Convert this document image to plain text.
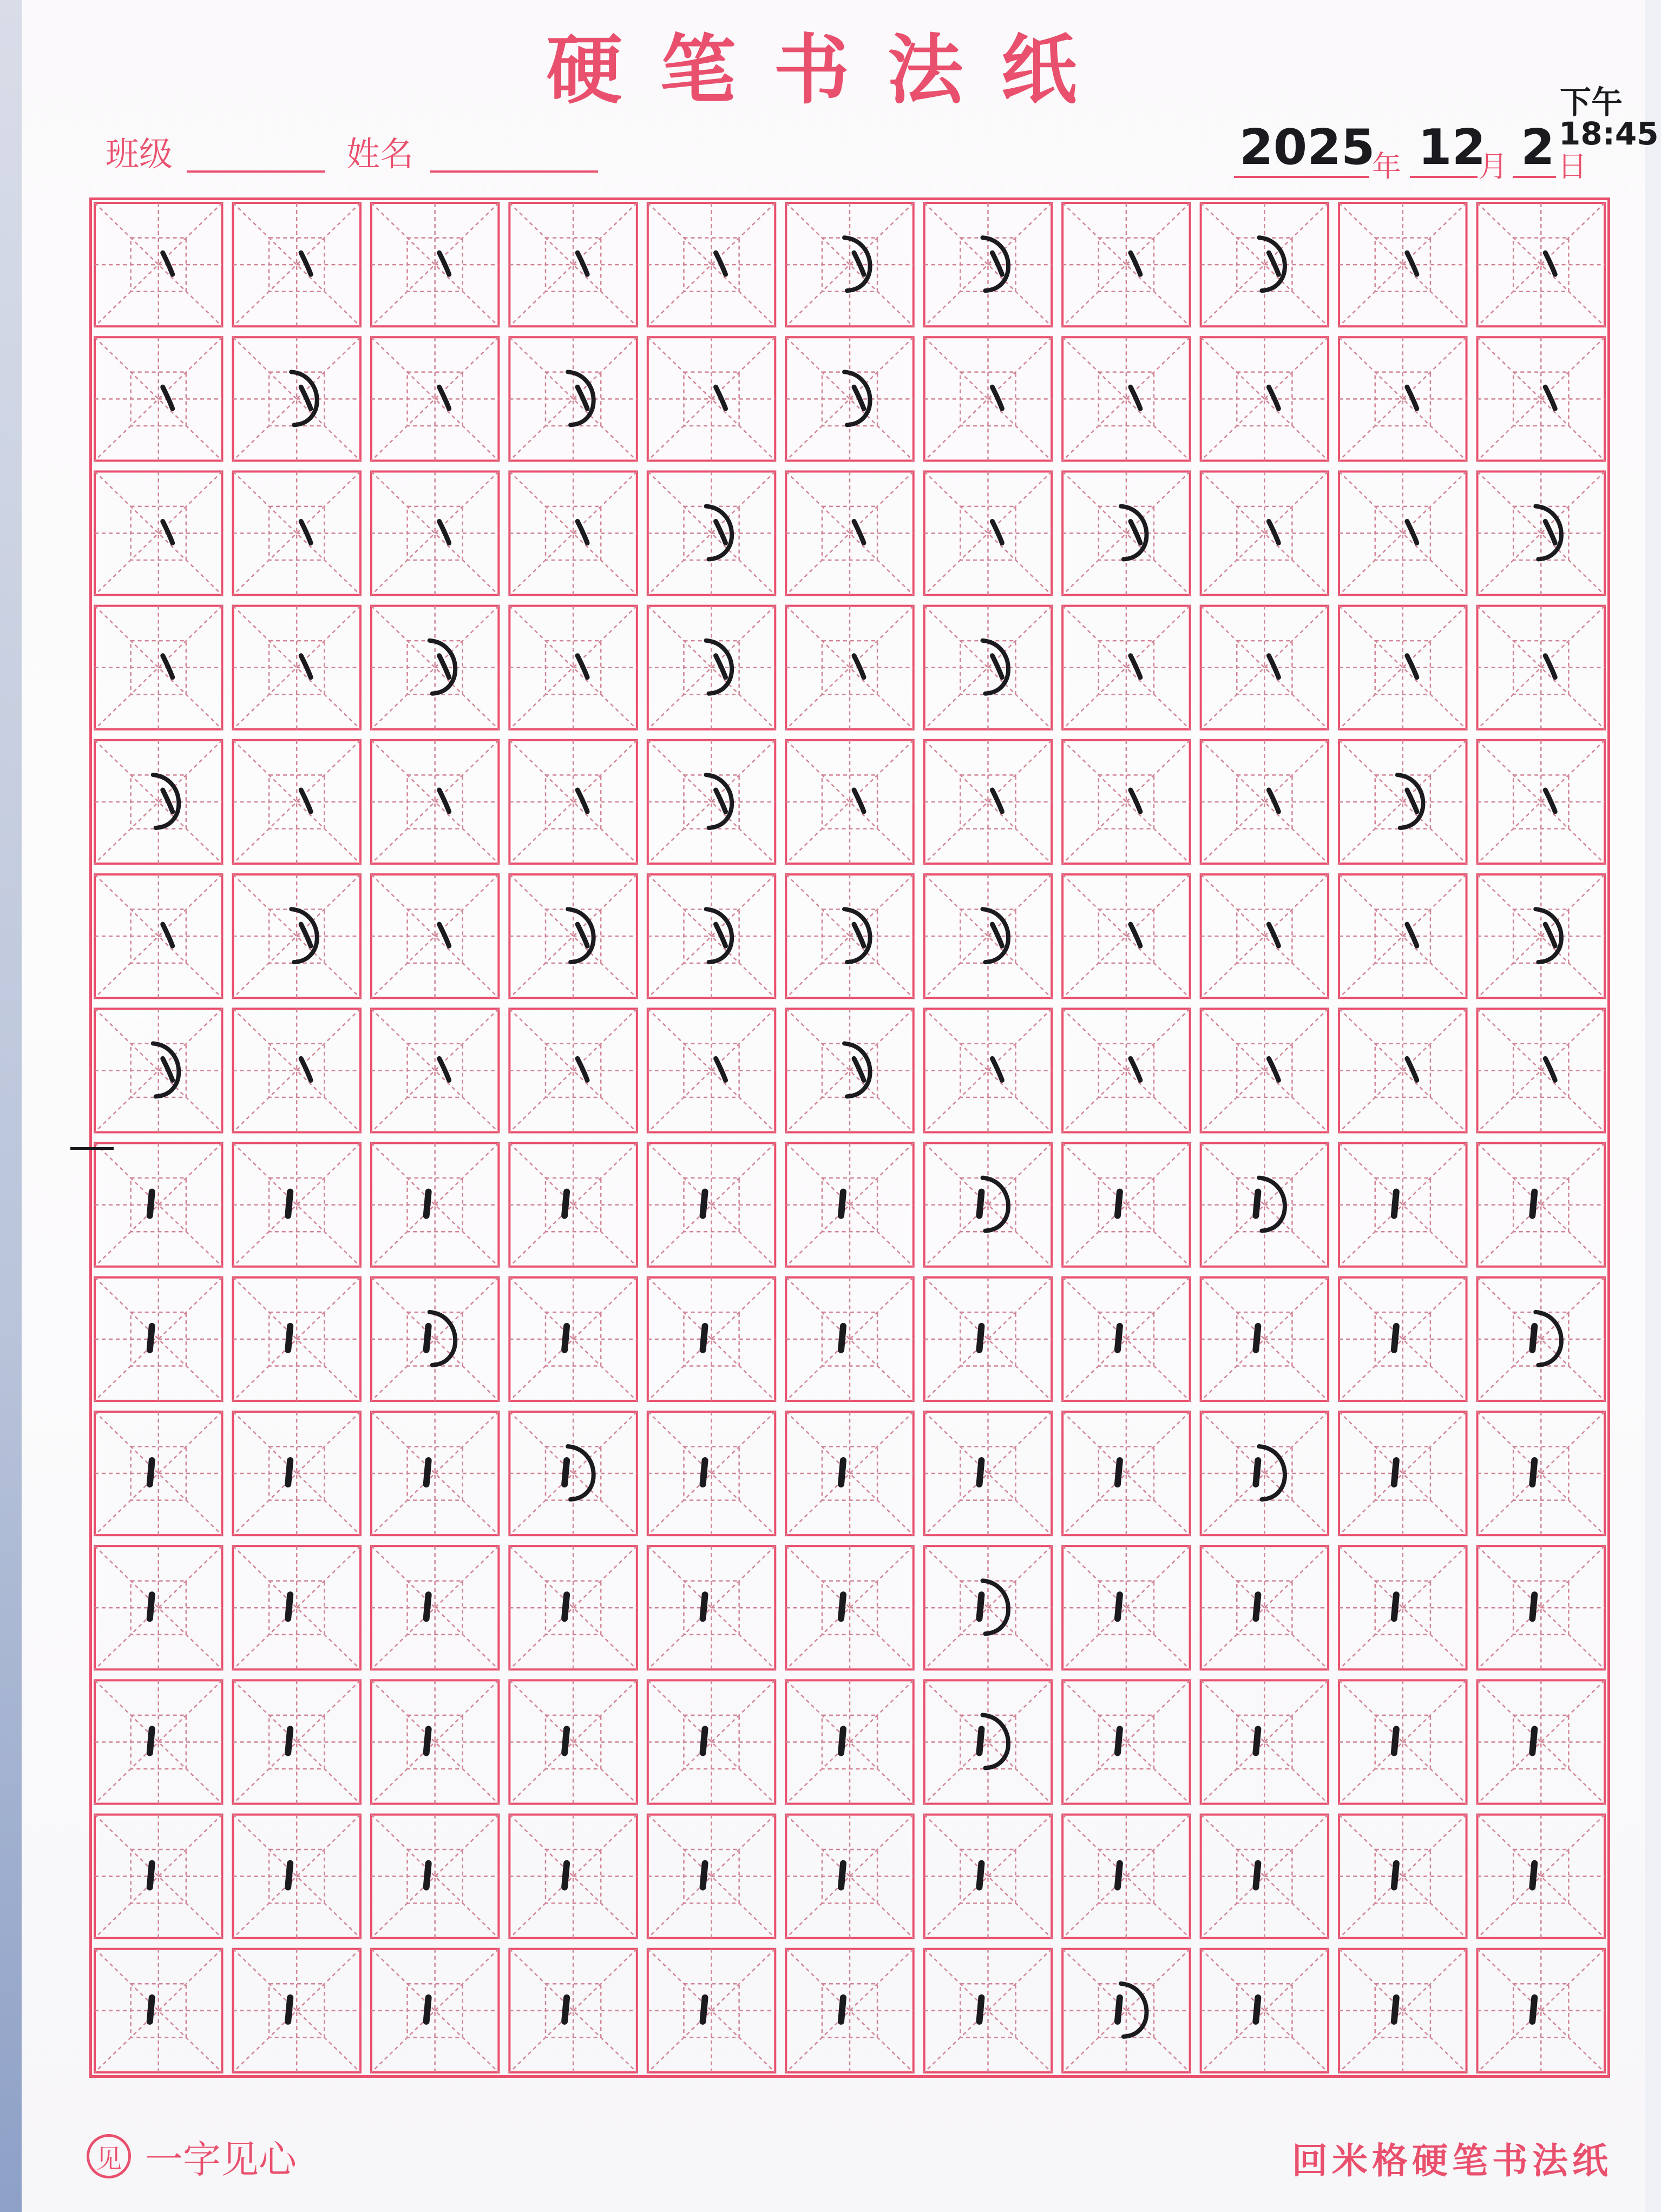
硬笔书法纸
班级	姓名	2025
年 12
月 2 日
下午 18:45
见 一字见心	回米格硬笔书法纸
